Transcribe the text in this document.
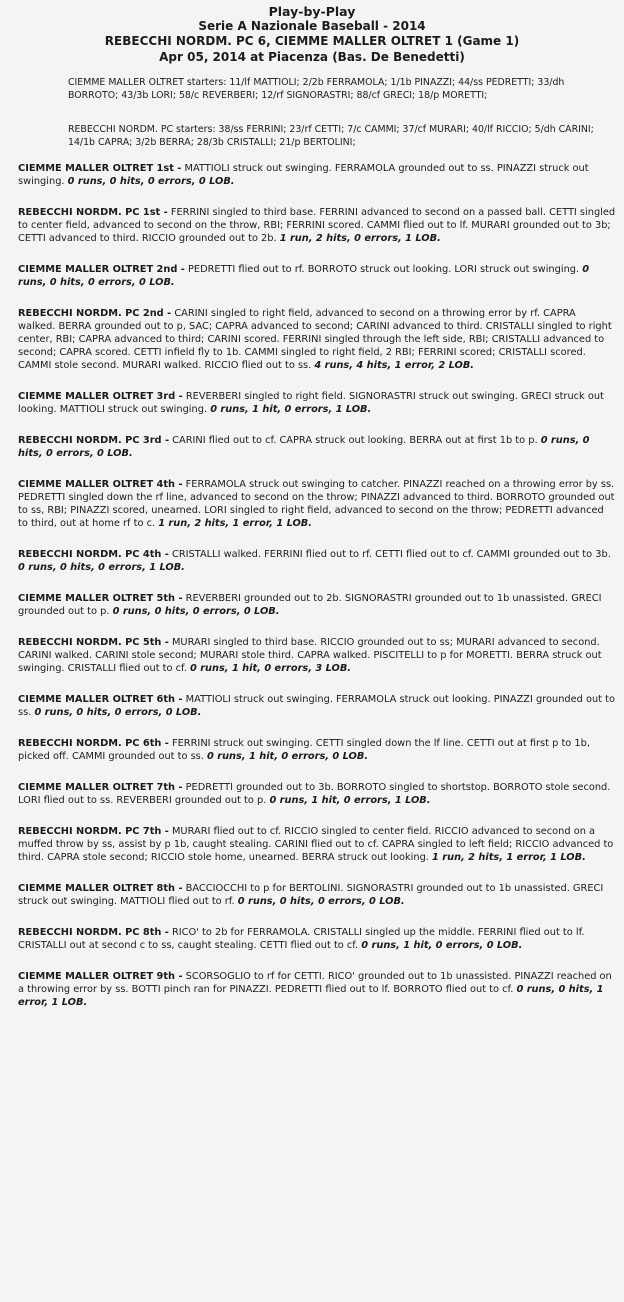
Play-by-Play
Serie A Nazionale Baseball - 2014
REBECCHI NORDM. PC 6, CIEMME MALLER OLTRET 1 (Game 1)
Apr 05, 2014 at Piacenza (Bas. De Benedetti)

CIEMME MALLER OLTRET starters: 11/lf MATTIOLI; 2/2b FERRAMOLA; 1/1b PINAZZI; 44/ss PEDRETTI; 33/dh BORROTO; 43/3b LORI; 58/c REVERBERI; 12/rf SIGNORASTRI; 88/cf GRECI; 18/p MORETTI;

REBECCHI NORDM. PC starters: 38/ss FERRINI; 23/rf CETTI; 7/c CAMMI; 37/cf MURARI; 40/lf RICCIO; 5/dh CARINI; 14/1b CAPRA; 3/2b BERRA; 28/3b CRISTALLI; 21/p BERTOLINI;

CIEMME MALLER OLTRET 1st - MATTIOLI struck out swinging. FERRAMOLA grounded out to ss. PINAZZI struck out swinging. 0 runs, 0 hits, 0 errors, 0 LOB.

REBECCHI NORDM. PC 1st - FERRINI singled to third base. FERRINI advanced to second on a passed ball. CETTI singled to center field, advanced to second on the throw, RBI; FERRINI scored. CAMMI flied out to lf. MURARI grounded out to 3b; CETTI advanced to third. RICCIO grounded out to 2b. 1 run, 2 hits, 0 errors, 1 LOB.

CIEMME MALLER OLTRET 2nd - PEDRETTI flied out to rf. BORROTO struck out looking. LORI struck out swinging. 0 runs, 0 hits, 0 errors, 0 LOB.

REBECCHI NORDM. PC 2nd - CARINI singled to right field, advanced to second on a throwing error by rf. CAPRA walked. BERRA grounded out to p, SAC; CAPRA advanced to second; CARINI advanced to third. CRISTALLI singled to right center, RBI; CAPRA advanced to third; CARINI scored. FERRINI singled through the left side, RBI; CRISTALLI advanced to second; CAPRA scored. CETTI infield fly to 1b. CAMMI singled to right field, 2 RBI; FERRINI scored; CRISTALLI scored. CAMMI stole second. MURARI walked. RICCIO flied out to ss. 4 runs, 4 hits, 1 error, 2 LOB.

CIEMME MALLER OLTRET 3rd - REVERBERI singled to right field. SIGNORASTRI struck out swinging. GRECI struck out looking. MATTIOLI struck out swinging. 0 runs, 1 hit, 0 errors, 1 LOB.

REBECCHI NORDM. PC 3rd - CARINI flied out to cf. CAPRA struck out looking. BERRA out at first 1b to p. 0 runs, 0 hits, 0 errors, 0 LOB.

CIEMME MALLER OLTRET 4th - FERRAMOLA struck out swinging to catcher. PINAZZI reached on a throwing error by ss. PEDRETTI singled down the rf line, advanced to second on the throw; PINAZZI advanced to third. BORROTO grounded out to ss, RBI; PINAZZI scored, unearned. LORI singled to right field, advanced to second on the throw; PEDRETTI advanced to third, out at home rf to c. 1 run, 2 hits, 1 error, 1 LOB.

REBECCHI NORDM. PC 4th - CRISTALLI walked. FERRINI flied out to rf. CETTI flied out to cf. CAMMI grounded out to 3b. 0 runs, 0 hits, 0 errors, 1 LOB.

CIEMME MALLER OLTRET 5th - REVERBERI grounded out to 2b. SIGNORASTRI grounded out to 1b unassisted. GRECI grounded out to p. 0 runs, 0 hits, 0 errors, 0 LOB.

REBECCHI NORDM. PC 5th - MURARI singled to third base. RICCIO grounded out to ss; MURARI advanced to second. CARINI walked. CARINI stole second; MURARI stole third. CAPRA walked. PISCITELLI to p for MORETTI. BERRA struck out swinging. CRISTALLI flied out to cf. 0 runs, 1 hit, 0 errors, 3 LOB.

CIEMME MALLER OLTRET 6th - MATTIOLI struck out swinging. FERRAMOLA struck out looking. PINAZZI grounded out to ss. 0 runs, 0 hits, 0 errors, 0 LOB.

REBECCHI NORDM. PC 6th - FERRINI struck out swinging. CETTI singled down the lf line. CETTI out at first p to 1b, picked off. CAMMI grounded out to ss. 0 runs, 1 hit, 0 errors, 0 LOB.

CIEMME MALLER OLTRET 7th - PEDRETTI grounded out to 3b. BORROTO singled to shortstop. BORROTO stole second. LORI flied out to ss. REVERBERI grounded out to p. 0 runs, 1 hit, 0 errors, 1 LOB.

REBECCHI NORDM. PC 7th - MURARI flied out to cf. RICCIO singled to center field. RICCIO advanced to second on a muffed throw by ss, assist by p 1b, caught stealing. CARINI flied out to cf. CAPRA singled to left field; RICCIO advanced to third. CAPRA stole second; RICCIO stole home, unearned. BERRA struck out looking. 1 run, 2 hits, 1 error, 1 LOB.

CIEMME MALLER OLTRET 8th - BACCIOCCHI to p for BERTOLINI. SIGNORASTRI grounded out to 1b unassisted. GRECI struck out swinging. MATTIOLI flied out to rf. 0 runs, 0 hits, 0 errors, 0 LOB.

REBECCHI NORDM. PC 8th - RICO' to 2b for FERRAMOLA. CRISTALLI singled up the middle. FERRINI flied out to lf. CRISTALLI out at second c to ss, caught stealing. CETTI flied out to cf. 0 runs, 1 hit, 0 errors, 0 LOB.

CIEMME MALLER OLTRET 9th - SCORSOGLIO to rf for CETTI. RICO' grounded out to 1b unassisted. PINAZZI reached on a throwing error by ss. BOTTI pinch ran for PINAZZI. PEDRETTI flied out to lf. BORROTO flied out to cf. 0 runs, 0 hits, 1 error, 1 LOB.
